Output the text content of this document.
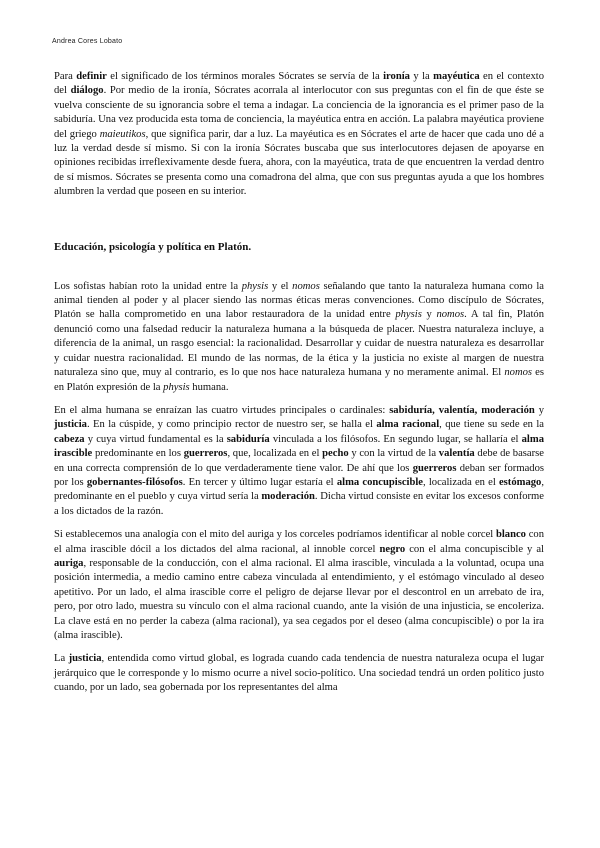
Andrea Cores Lobato

Para definir el significado de los términos morales Sócrates se servía de la ironía y la mayéutica en el contexto del diálogo. Por medio de la ironía, Sócrates acorrala al interlocutor con sus preguntas con el fin de que éste se vuelva consciente de su ignorancia sobre el tema a indagar. La conciencia de la ignorancia es el primer paso de la sabiduría. Una vez producida esta toma de conciencia, la mayéutica entra en acción. La palabra mayéutica proviene del griego maieutikos, que significa parir, dar a luz. La mayéutica es en Sócrates el arte de hacer que cada uno dé a luz la verdad desde sí mismo. Si con la ironía Sócrates buscaba que sus interlocutores dejasen de apoyarse en opiniones recibidas irreflexivamente desde fuera, ahora, con la mayéutica, trata de que encuentren la verdad dentro de sí mismos. Sócrates se presenta como una comadrona del alma, que con sus preguntas ayuda a que los hombres alumbren la verdad que poseen en su interior.

Educación, psicología y política en Platón.

Los sofistas habían roto la unidad entre la physis y el nomos señalando que tanto la naturaleza humana como la animal tienden al poder y al placer siendo las normas éticas meras convenciones. Como discípulo de Sócrates, Platón se halla comprometido en una labor restauradora de la unidad entre physis y nomos. A tal fin, Platón denunció como una falsedad reducir la naturaleza humana a la búsqueda de placer. Nuestra naturaleza incluye, a diferencia de la animal, un rasgo esencial: la racionalidad. Desarrollar y cuidar de nuestra naturaleza es desarrollar y cuidar nuestra racionalidad. El mundo de las normas, de la ética y la justicia no existe al margen de nuestra naturaleza sino que, muy al contrario, es lo que nos hace naturaleza humana y no meramente animal. El nomos es en Platón expresión de la physis humana.

En el alma humana se enraízan las cuatro virtudes principales o cardinales: sabiduría, valentía, moderación y justicia. En la cúspide, y como principio rector de nuestro ser, se halla el alma racional, que tiene su sede en la cabeza y cuya virtud fundamental es la sabiduría vinculada a los filósofos. En segundo lugar, se hallaría el alma irascible predominante en los guerreros, que, localizada en el pecho y con la virtud de la valentía debe de basarse en una correcta comprensión de lo que verdaderamente tiene valor. De ahí que los guerreros deban ser formados por los gobernantes-filósofos. En tercer y último lugar estaría el alma concupiscible, localizada en el estómago, predominante en el pueblo y cuya virtud sería la moderación. Dicha virtud consiste en evitar los excesos conforme a los dictados de la razón.

Si establecemos una analogía con el mito del auriga y los corceles podríamos identificar al noble corcel blanco con el alma irascible dócil a los dictados del alma racional, al innoble corcel negro con el alma concupiscible y al auriga, responsable de la conducción, con el alma racional. El alma irascible, vinculada a la voluntad, ocupa una posición intermedia, a medio camino entre cabeza vinculada al entendimiento, y el estómago vinculado al deseo apetitivo. Por un lado, el alma irascible corre el peligro de dejarse llevar por el descontrol en un arrebato de ira, pero, por otro lado, muestra su vínculo con el alma racional cuando, ante la visión de una injusticia, se encoleriza. La clave está en no perder la cabeza (alma racional), ya sea cegados por el deseo (alma concupiscible) o por la ira (alma irascible).

La justicia, entendida como virtud global, es lograda cuando cada tendencia de nuestra naturaleza ocupa el lugar jerárquico que le corresponde y lo mismo ocurre a nivel socio-político. Una sociedad tendrá un orden político justo cuando, por un lado, sea gobernada por los representantes del alma
